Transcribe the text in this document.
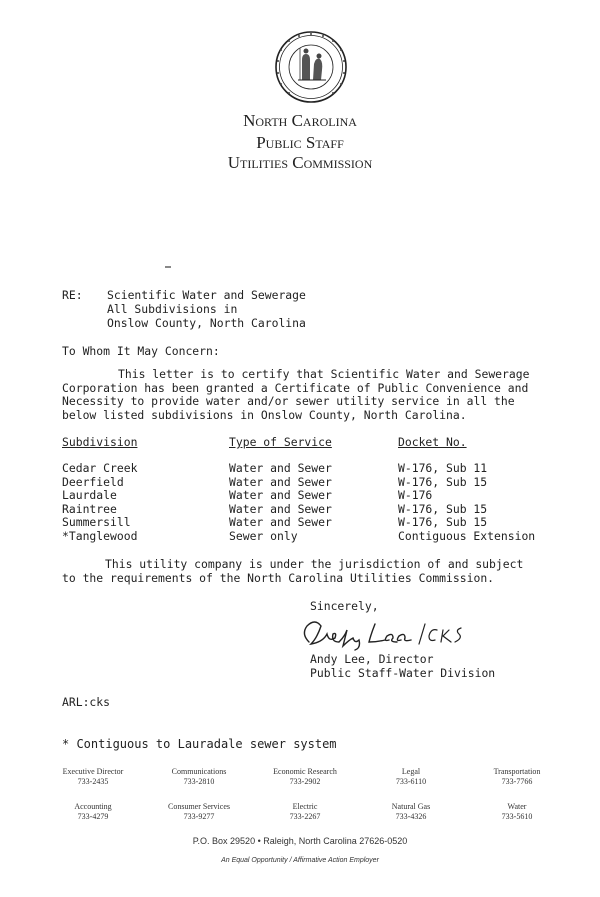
North Carolina
Public Staff
Utilities Commission
RE: Scientific Water and Sewerage
All Subdivisions in
Onslow County, North Carolina
To Whom It May Concern:
This letter is to certify that Scientific Water and Sewerage Corporation has been granted a Certificate of Public Convenience and Necessity to provide water and/or sewer utility service in all the below listed subdivisions in Onslow County, North Carolina.
Subdivision	Type of Service	Docket No.
Cedar Creek	Water and Sewer	W-176, Sub 11
Deerfield	Water and Sewer	W-176, Sub 15
Laurdale	Water and Sewer	W-176
Raintree	Water and Sewer	W-176, Sub 15
Summersill	Water and Sewer	W-176, Sub 15
*Tanglewood	Sewer only	Contiguous Extension
This utility company is under the jurisdiction of and subject to the requirements of the North Carolina Utilities Commission.
Sincerely,
Andy Lee, Director
Public Staff-Water Division
ARL:cks
* Contiguous to Lauradale sewer system
Executive Director
733-2435
Communications
733-2810
Economic Research
733-2902
Legal
733-6110
Transportation
733-7766
Accounting
733-4279
Consumer Services
733-9277
Electric
733-2267
Natural Gas
733-4326
Water
733-5610
P.O. Box 29520 • Raleigh, North Carolina 27626-0520
An Equal Opportunity / Affirmative Action Employer
